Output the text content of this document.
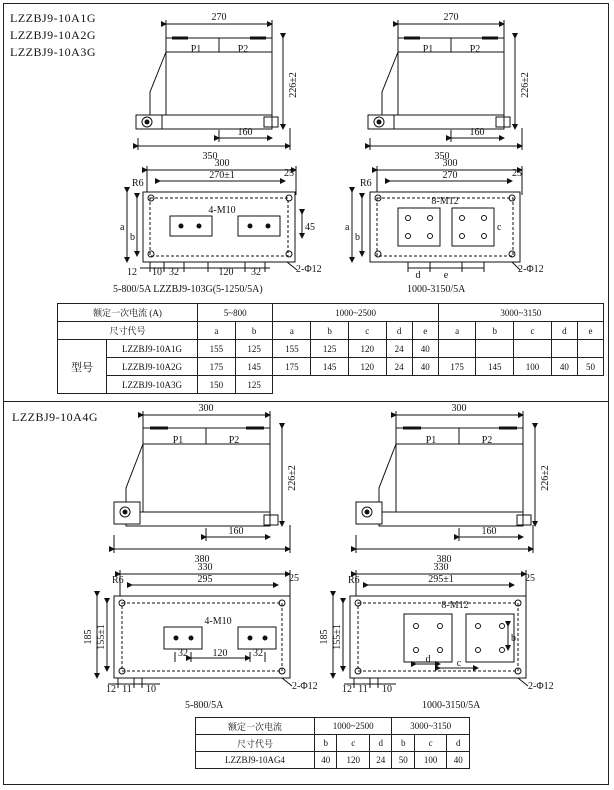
LZZBJ9-10A1G
LZZBJ9-10A2G
LZZBJ9-10A3G
LZZBJ9-10A4G
270
P1	P2
226±2
160
350
270
P1	P2
226±2
160
350
300
270±1
R6
25
4-M10
45
a
b
2-Φ12
12 10 32	120 32
300
270
R6
25
8-M12
a
b
c
d e
2-Φ12
300
P1	P2
226±2
160
380
300
P1	P2
226±2
160
380
330
295
R6	25
4-M10
185 155±1
32 120	32
2-Φ12
12 11 10
330
295±1
R6	25
8-M12
185 155±1	b
c
d
2-Φ12
12 11 10
5-800/5A LZZBJ9-103G(5-1250/5A)	1000-3150/5A
5-800/5A	1000-3150/5A
额定一次电流 (A)		5~800		1000~2500					3000~3150				
尺寸代号		a	b	a	b	c	d	e	a	b	c	d	e
型号	LZZBJ9-10A1G	155	125	155	125	120	24	40					
	LZZBJ9-10A2G	175	145	175	145	120	24	40	175	145	100	40	50
	LZZBJ9-10A3G	150	125										
额定一次电流	1000~2500			3000~3150		
尺寸代号	b	c	d	b	c	d
LZZBJ9-10AG4	40	120	24	50	100	40
